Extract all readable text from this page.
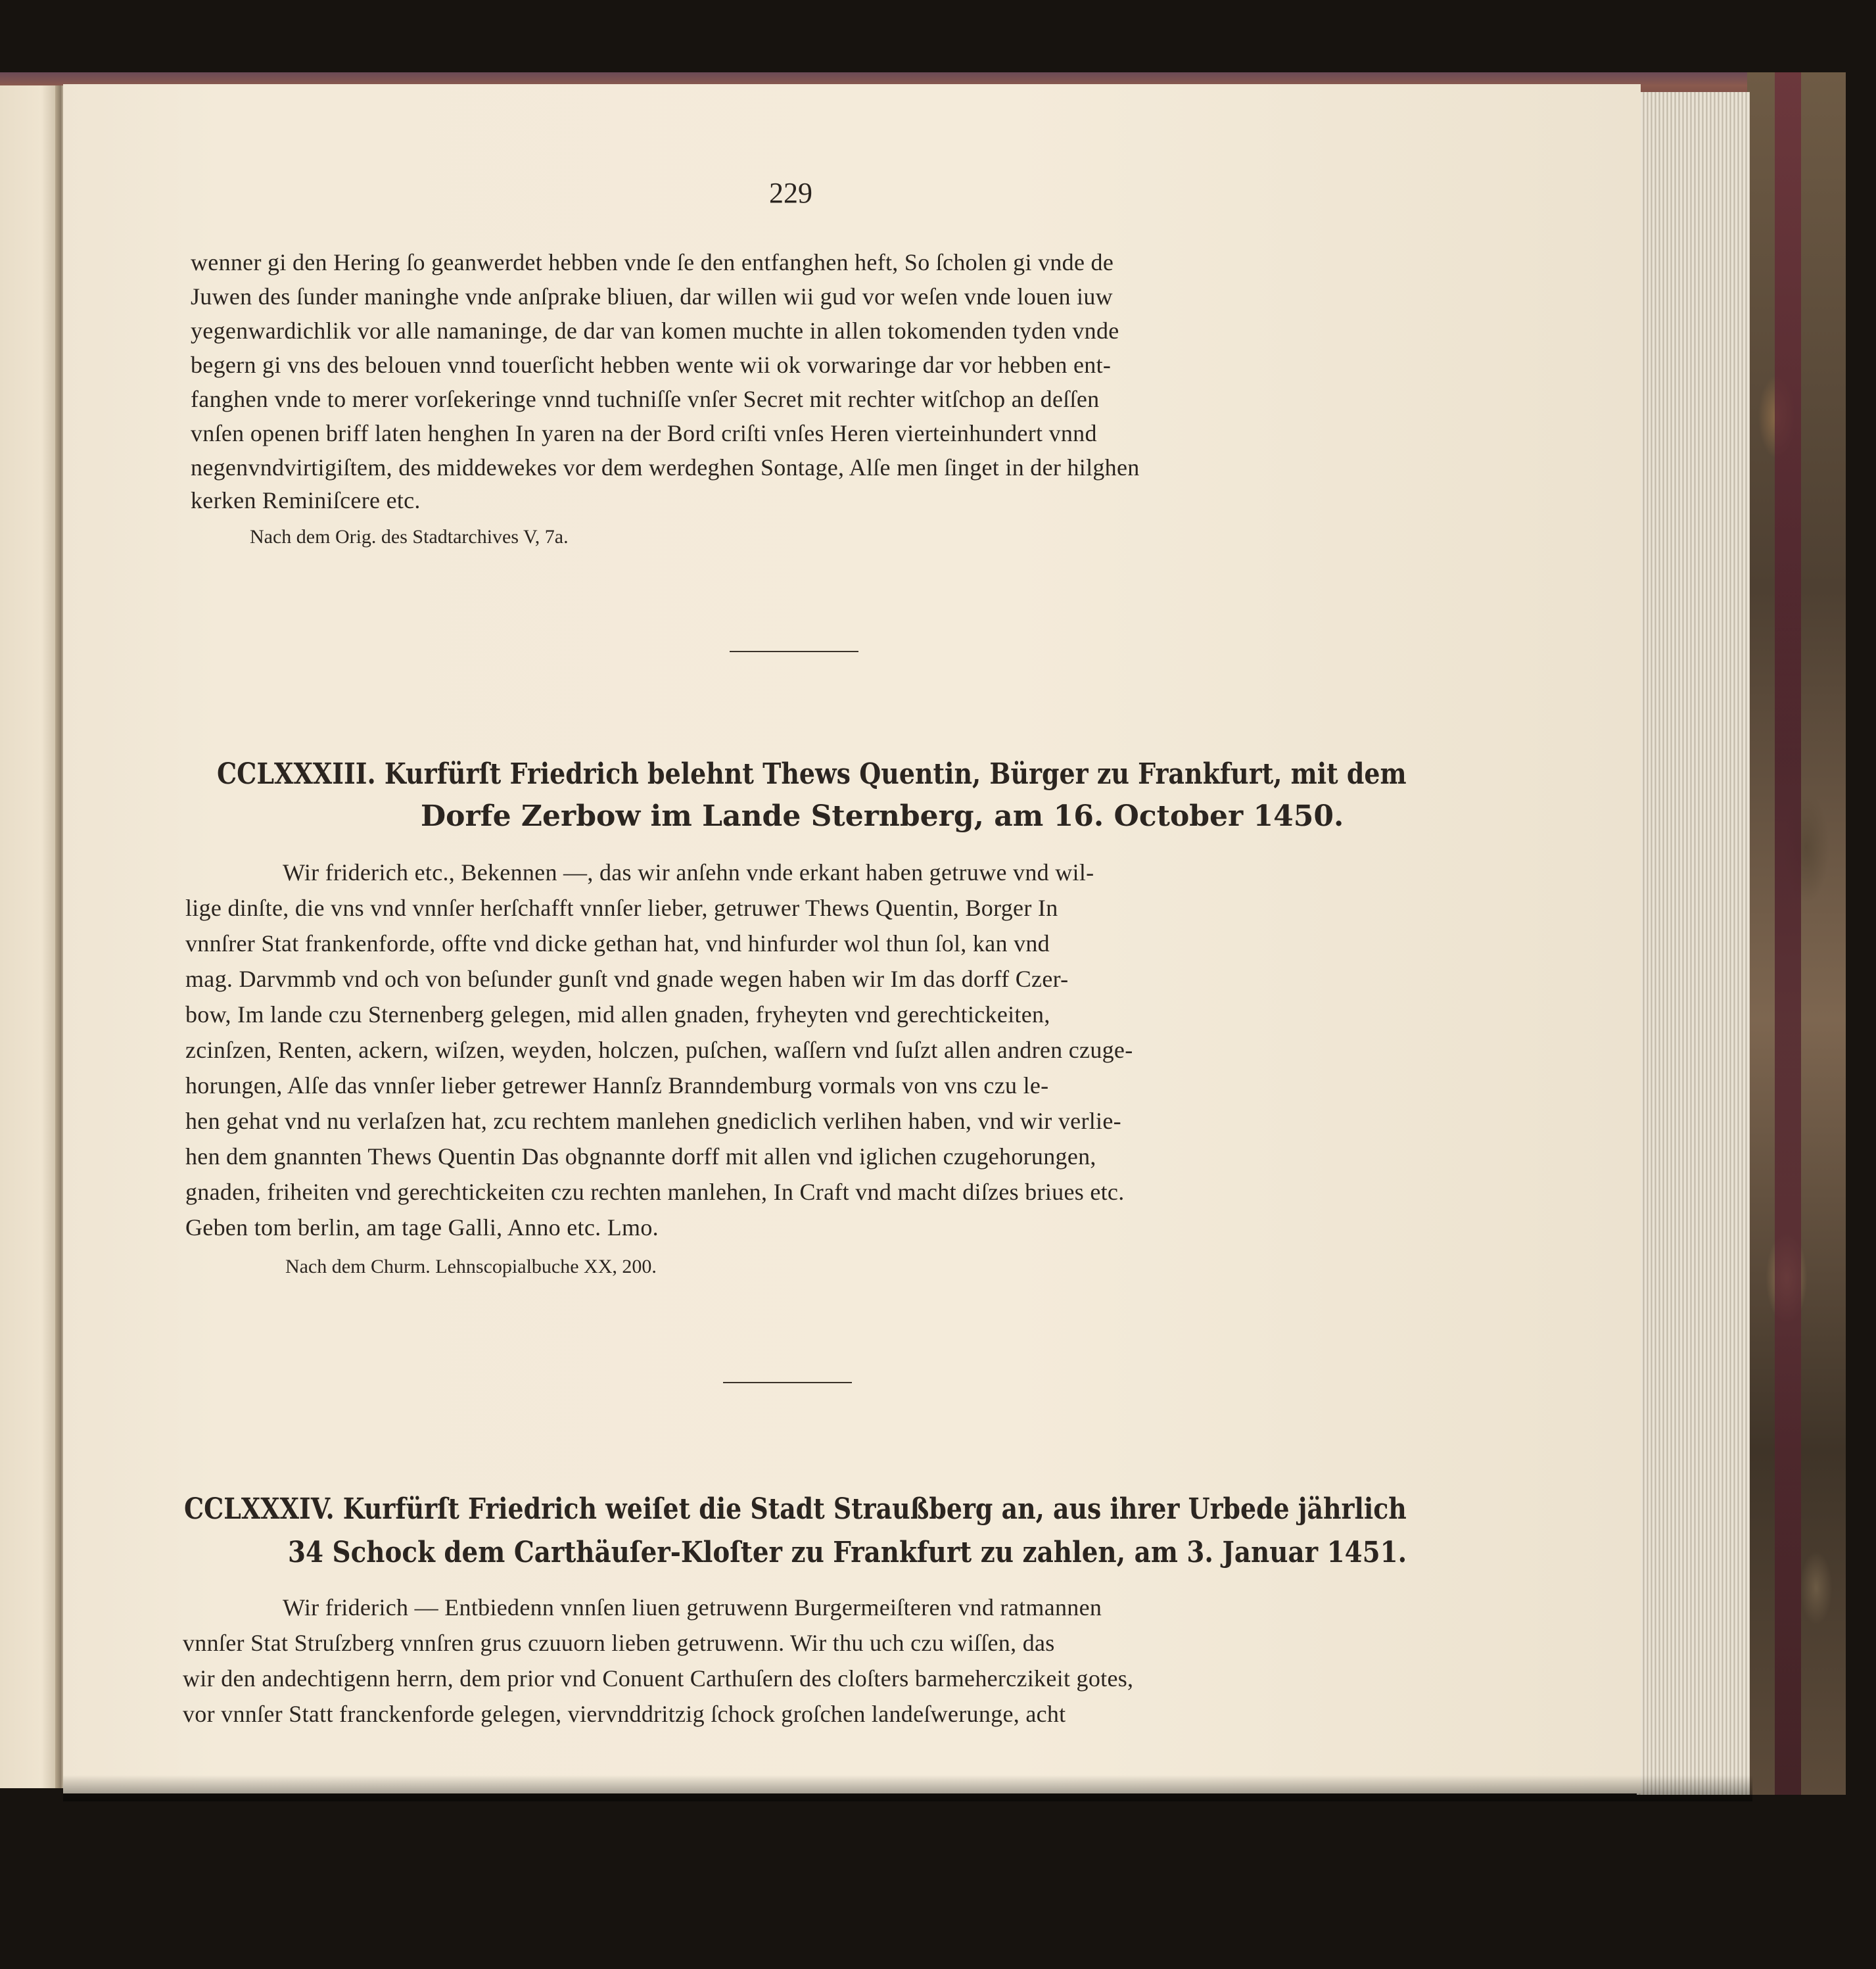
229
wenner gi den Hering ſo geanwerdet hebben vnde ſe den entfanghen heft, So ſcholen gi vnde de
Juwen des ſunder maninghe vnde anſprake bliuen, dar willen wii gud vor weſen vnde louen iuw
yegenwardichlik vor alle namaninge, de dar van komen muchte in allen tokomenden tyden vnde
begern gi vns des belouen vnnd touerſicht hebben wente wii ok vorwaringe dar vor hebben ent-
fanghen vnde to merer vorſekeringe vnnd tuchniſſe vnſer Secret mit rechter witſchop an deſſen
vnſen openen briff laten henghen In yaren na der Bord criſti vnſes Heren vierteinhundert vnnd
negenvndvirtigiſtem, des middewekes vor dem werdeghen Sontage, Alſe men ſinget in der hilghen
kerken Reminiſcere etc.
Nach dem Orig. des Stadtarchives V, 7a.
CCLXXXIII. Kurfürſt Friedrich belehnt Thews Quentin, Bürger zu Frankfurt, mit dem
Dorfe Zerbow im Lande Sternberg, am 16. October 1450.
Wir friderich etc., Bekennen —, das wir anſehn vnde erkant haben getruwe vnd wil-
lige dinſte, die vns vnd vnnſer herſchafft vnnſer lieber, getruwer Thews Quentin, Borger In
vnnſrer Stat frankenforde, offte vnd dicke gethan hat, vnd hinfurder wol thun ſol, kan vnd
mag. Darvmmb vnd och von beſunder gunſt vnd gnade wegen haben wir Im das dorff Czer-
bow, Im lande czu Sternenberg gelegen, mid allen gnaden, fryheyten vnd gerechtickeiten,
zcinſzen, Renten, ackern, wiſzen, weyden, holczen, puſchen, waſſern vnd ſuſzt allen andren czuge-
horungen, Alſe das vnnſer lieber getrewer Hannſz Branndemburg vormals von vns czu le-
hen gehat vnd nu verlaſzen hat, zcu rechtem manlehen gnediclich verlihen haben, vnd wir verlie-
hen dem gnannten Thews Quentin Das obgnannte dorff mit allen vnd iglichen czugehorungen,
gnaden, friheiten vnd gerechtickeiten czu rechten manlehen, In Craft vnd macht diſzes briues etc.
Geben tom berlin, am tage Galli, Anno etc. Lmo.
Nach dem Churm. Lehnscopialbuche XX, 200.
CCLXXXIV. Kurfürſt Friedrich weiſet die Stadt Straußberg an, aus ihrer Urbede jährlich
34 Schock dem Carthäuſer-Kloſter zu Frankfurt zu zahlen, am 3. Januar 1451.
Wir friderich — Entbiedenn vnnſen liuen getruwenn Burgermeiſteren vnd ratmannen
vnnſer Stat Struſzberg vnnſren grus czuuorn lieben getruwenn. Wir thu uch czu wiſſen, das
wir den andechtigenn herrn, dem prior vnd Conuent Carthuſern des cloſters barmeherczikeit gotes,
vor vnnſer Statt franckenforde gelegen, viervnddritzig ſchock groſchen landeſwerunge, acht
